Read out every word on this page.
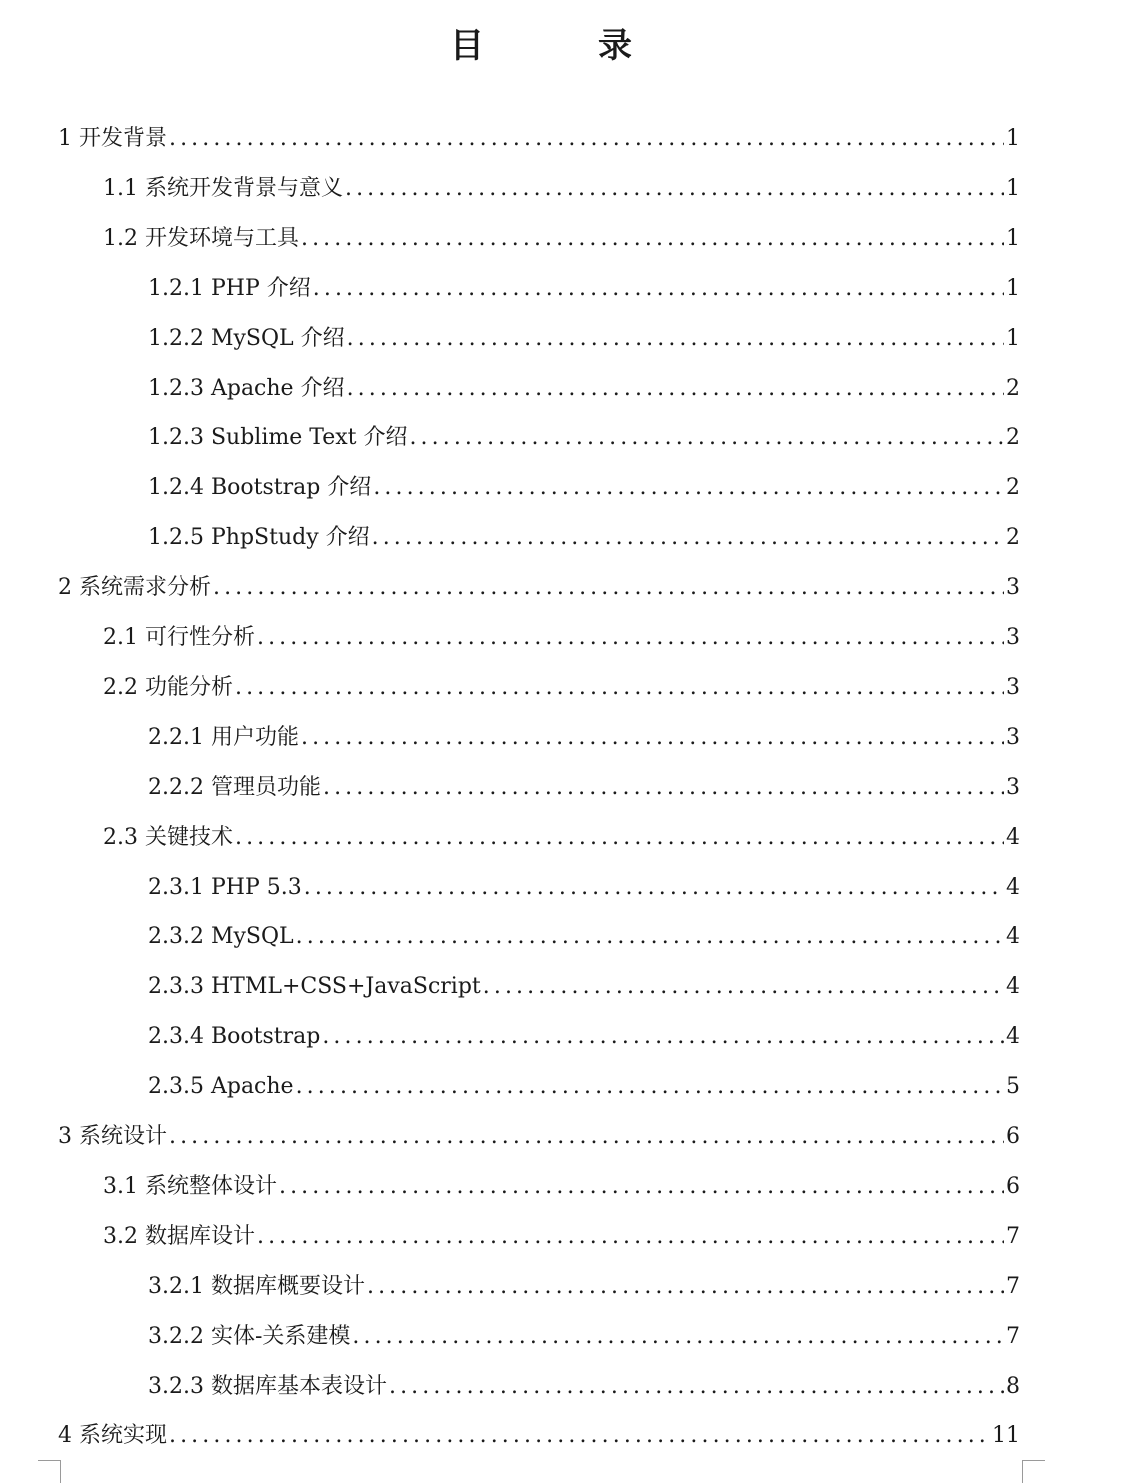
目　录
1 开发背景 .....	1
1.1 系统开发背景与意义 .....	1
1.2 开发环境与工具 .....	1
1.2.1 PHP 介绍 .....	1
1.2.2 MySQL 介绍 .....	1
1.2.3 Apache 介绍 .....	2
1.2.3 Sublime Text 介绍 .....	2
1.2.4 Bootstrap 介绍 .....	2
1.2.5 PhpStudy 介绍 .....	2
2 系统需求分析 .....	3
2.1 可行性分析 .....	3
2.2 功能分析 .....	3
2.2.1 用户功能 .....	3
2.2.2 管理员功能 .....	3
2.3 关键技术 .....	4
2.3.1 PHP 5.3 .....	4
2.3.2 MySQL .....	4
2.3.3 HTML+CSS+JavaScript .....	4
2.3.4 Bootstrap .....	4
2.3.5 Apache .....	5
3 系统设计 .....	6
3.1 系统整体设计 .....	6
3.2 数据库设计 .....	7
3.2.1 数据库概要设计 .....	7
3.2.2 实体-关系建模 .....	7
3.2.3 数据库基本表设计 .....	8
4 系统实现 .....	11
